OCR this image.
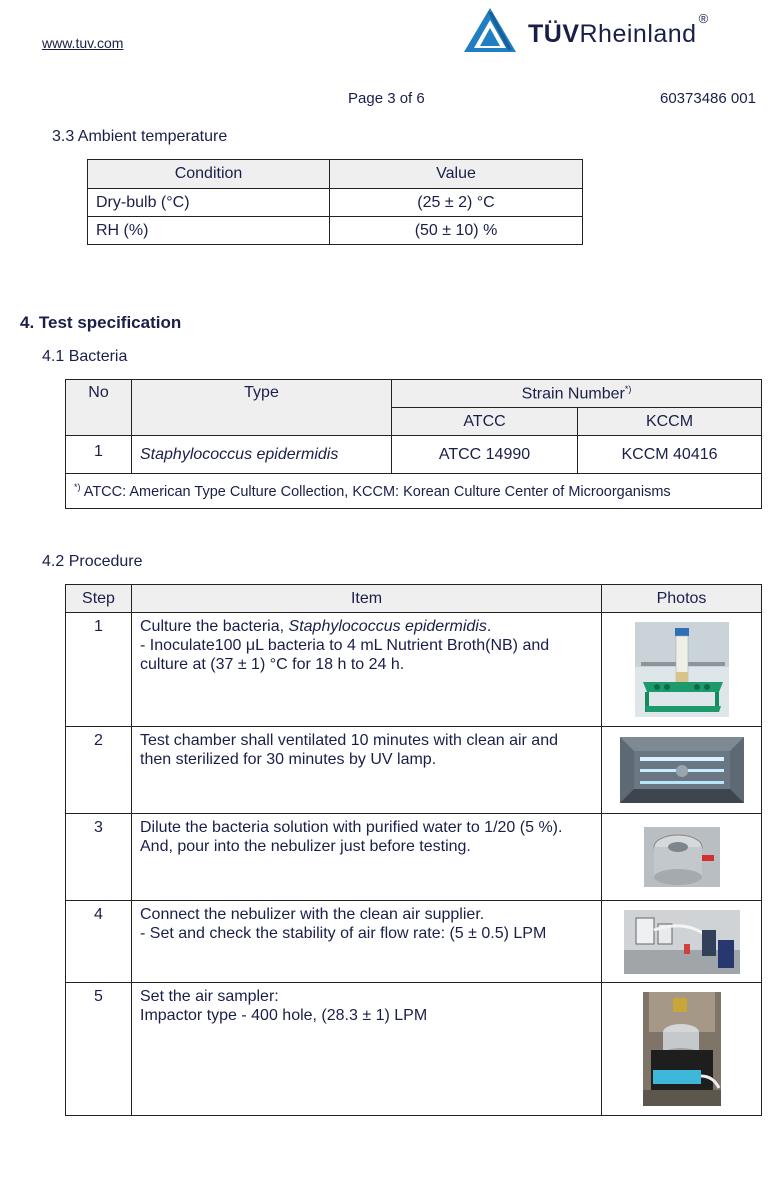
www.tuv.com	TÜVRheinland®
Page 3 of 6	60373486 001
3.3 Ambient temperature
Condition	Value
Dry-bulb (°C)	(25 ± 2) °C
RH (%)	(50 ± 10) %
4. Test specification
4.1 Bacteria
No	Type	Strain Number*)
		ATCC	KCCM
1	Staphylococcus epidermidis	ATCC 14990	KCCM 40416
*) ATCC: American Type Culture Collection, KCCM: Korean Culture Center of Microorganisms			
4.2 Procedure
Step	Item	Photos
1	Culture the bacteria, Staphylococcus epidermidis.
- Inoculate100 μL bacteria to 4 mL Nutrient Broth(NB) and culture at (37 ± 1) °C for 18 h to 24 h.

2	Test chamber shall ventilated 10 minutes with clean air and then sterilized for 30 minutes by UV lamp.

3	Dilute the bacteria solution with purified water to 1/20 (5 %).
And, pour into the nebulizer just before testing.

4	Connect the nebulizer with the clean air supplier.
- Set and check the stability of air flow rate: (5 ± 0.5) LPM

5	Set the air sampler:
Impactor type - 400 hole, (28.3 ± 1) LPM
